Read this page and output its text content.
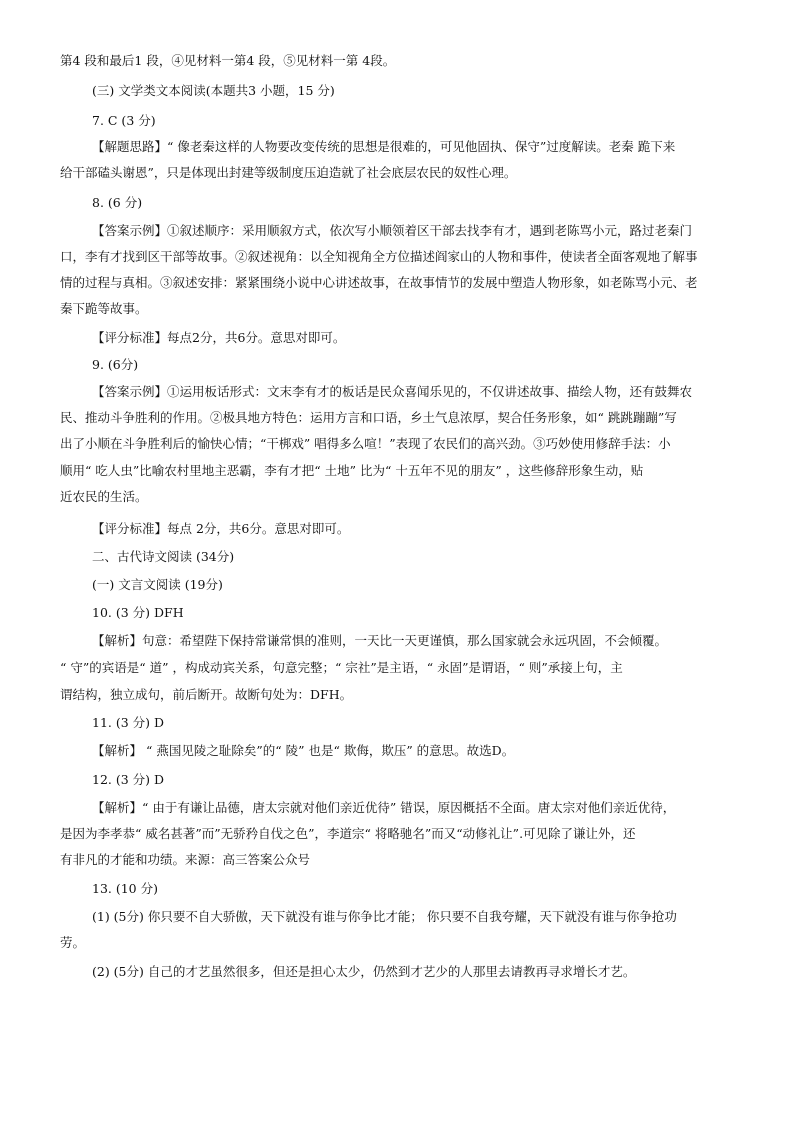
第4 段和最后1 段，④见材料一第4 段，⑤见材料一第 4段。
(三) 文学类文本阅读(本题共3 小题，15 分)
7. C (3 分)
【解题思路】“ 像老秦这样的人物要改变传统的思想是很难的，可见他固执、保守”过度解读。老秦 跪下来
给干部磕头谢恩”，只是体现出封建等级制度压迫造就了社会底层农民的奴性心理。
8. (6 分)
【答案示例】①叙述顺序：采用顺叙方式，依次写小顺领着区干部去找李有才，遇到老陈骂小元，路过老秦门
口，李有才找到区干部等故事。②叙述视角：以全知视角全方位描述阎家山的人物和事件，使读者全面客观地了解事
情的过程与真相。③叙述安排：紧紧围绕小说中心讲述故事，在故事情节的发展中塑造人物形象，如老陈骂小元、老
秦下跪等故事。
【评分标准】每点2分，共6分。意思对即可。
9. (6分)
【答案示例】①运用板话形式：文末李有才的板话是民众喜闻乐见的，不仅讲述故事、描绘人物，还有鼓舞农
民、推动斗争胜利的作用。②极具地方特色：运用方言和口语，乡土气息浓厚，契合任务形象，如“ 跳跳蹦蹦”写
出了小顺在斗争胜利后的愉快心情；“干梆戏” 唱得多么喧！”表现了农民们的高兴劲。③巧妙使用修辞手法：小
顺用“ 吃人虫”比喻农村里地主恶霸，李有才把“ 土地” 比为“ 十五年不见的朋友” ，这些修辞形象生动，贴
近农民的生活。
【评分标准】每点 2分，共6分。意思对即可。
二、古代诗文阅读 (34分)
(一) 文言文阅读 (19分)
10. (3 分) DFH
【解析】句意：希望陛下保持常谦常惧的准则，一天比一天更谨慎，那么国家就会永远巩固，不会倾覆。
“ 守”的宾语是“ 道” ，构成动宾关系，句意完整；“ 宗社”是主语，“ 永固”是谓语，“ 则”承接上句，主
谓结构，独立成句，前后断开。故断句处为：DFH。
11. (3 分) D
【解析】 “ 燕国见陵之耻除矣”的“ 陵” 也是“ 欺侮，欺压” 的意思。故选D。
12. (3 分) D
【解析】“ 由于有谦让品德，唐太宗就对他们亲近优待” 错误，原因概括不全面。唐太宗对他们亲近优待，
是因为李孝恭“ 威名甚著”而”无骄矜自伐之色”，李道宗“ 将略驰名”而又“动修礼让”.可见除了谦让外，还
有非凡的才能和功绩。来源：高三答案公众号
13. (10 分)
(1) (5分) 你只要不自大骄傲，天下就没有谁与你争比才能； 你只要不自我夸耀，天下就没有谁与你争抢功
劳。
(2) (5分) 自己的才艺虽然很多，但还是担心太少，仍然到才艺少的人那里去请教再寻求增长才艺。
